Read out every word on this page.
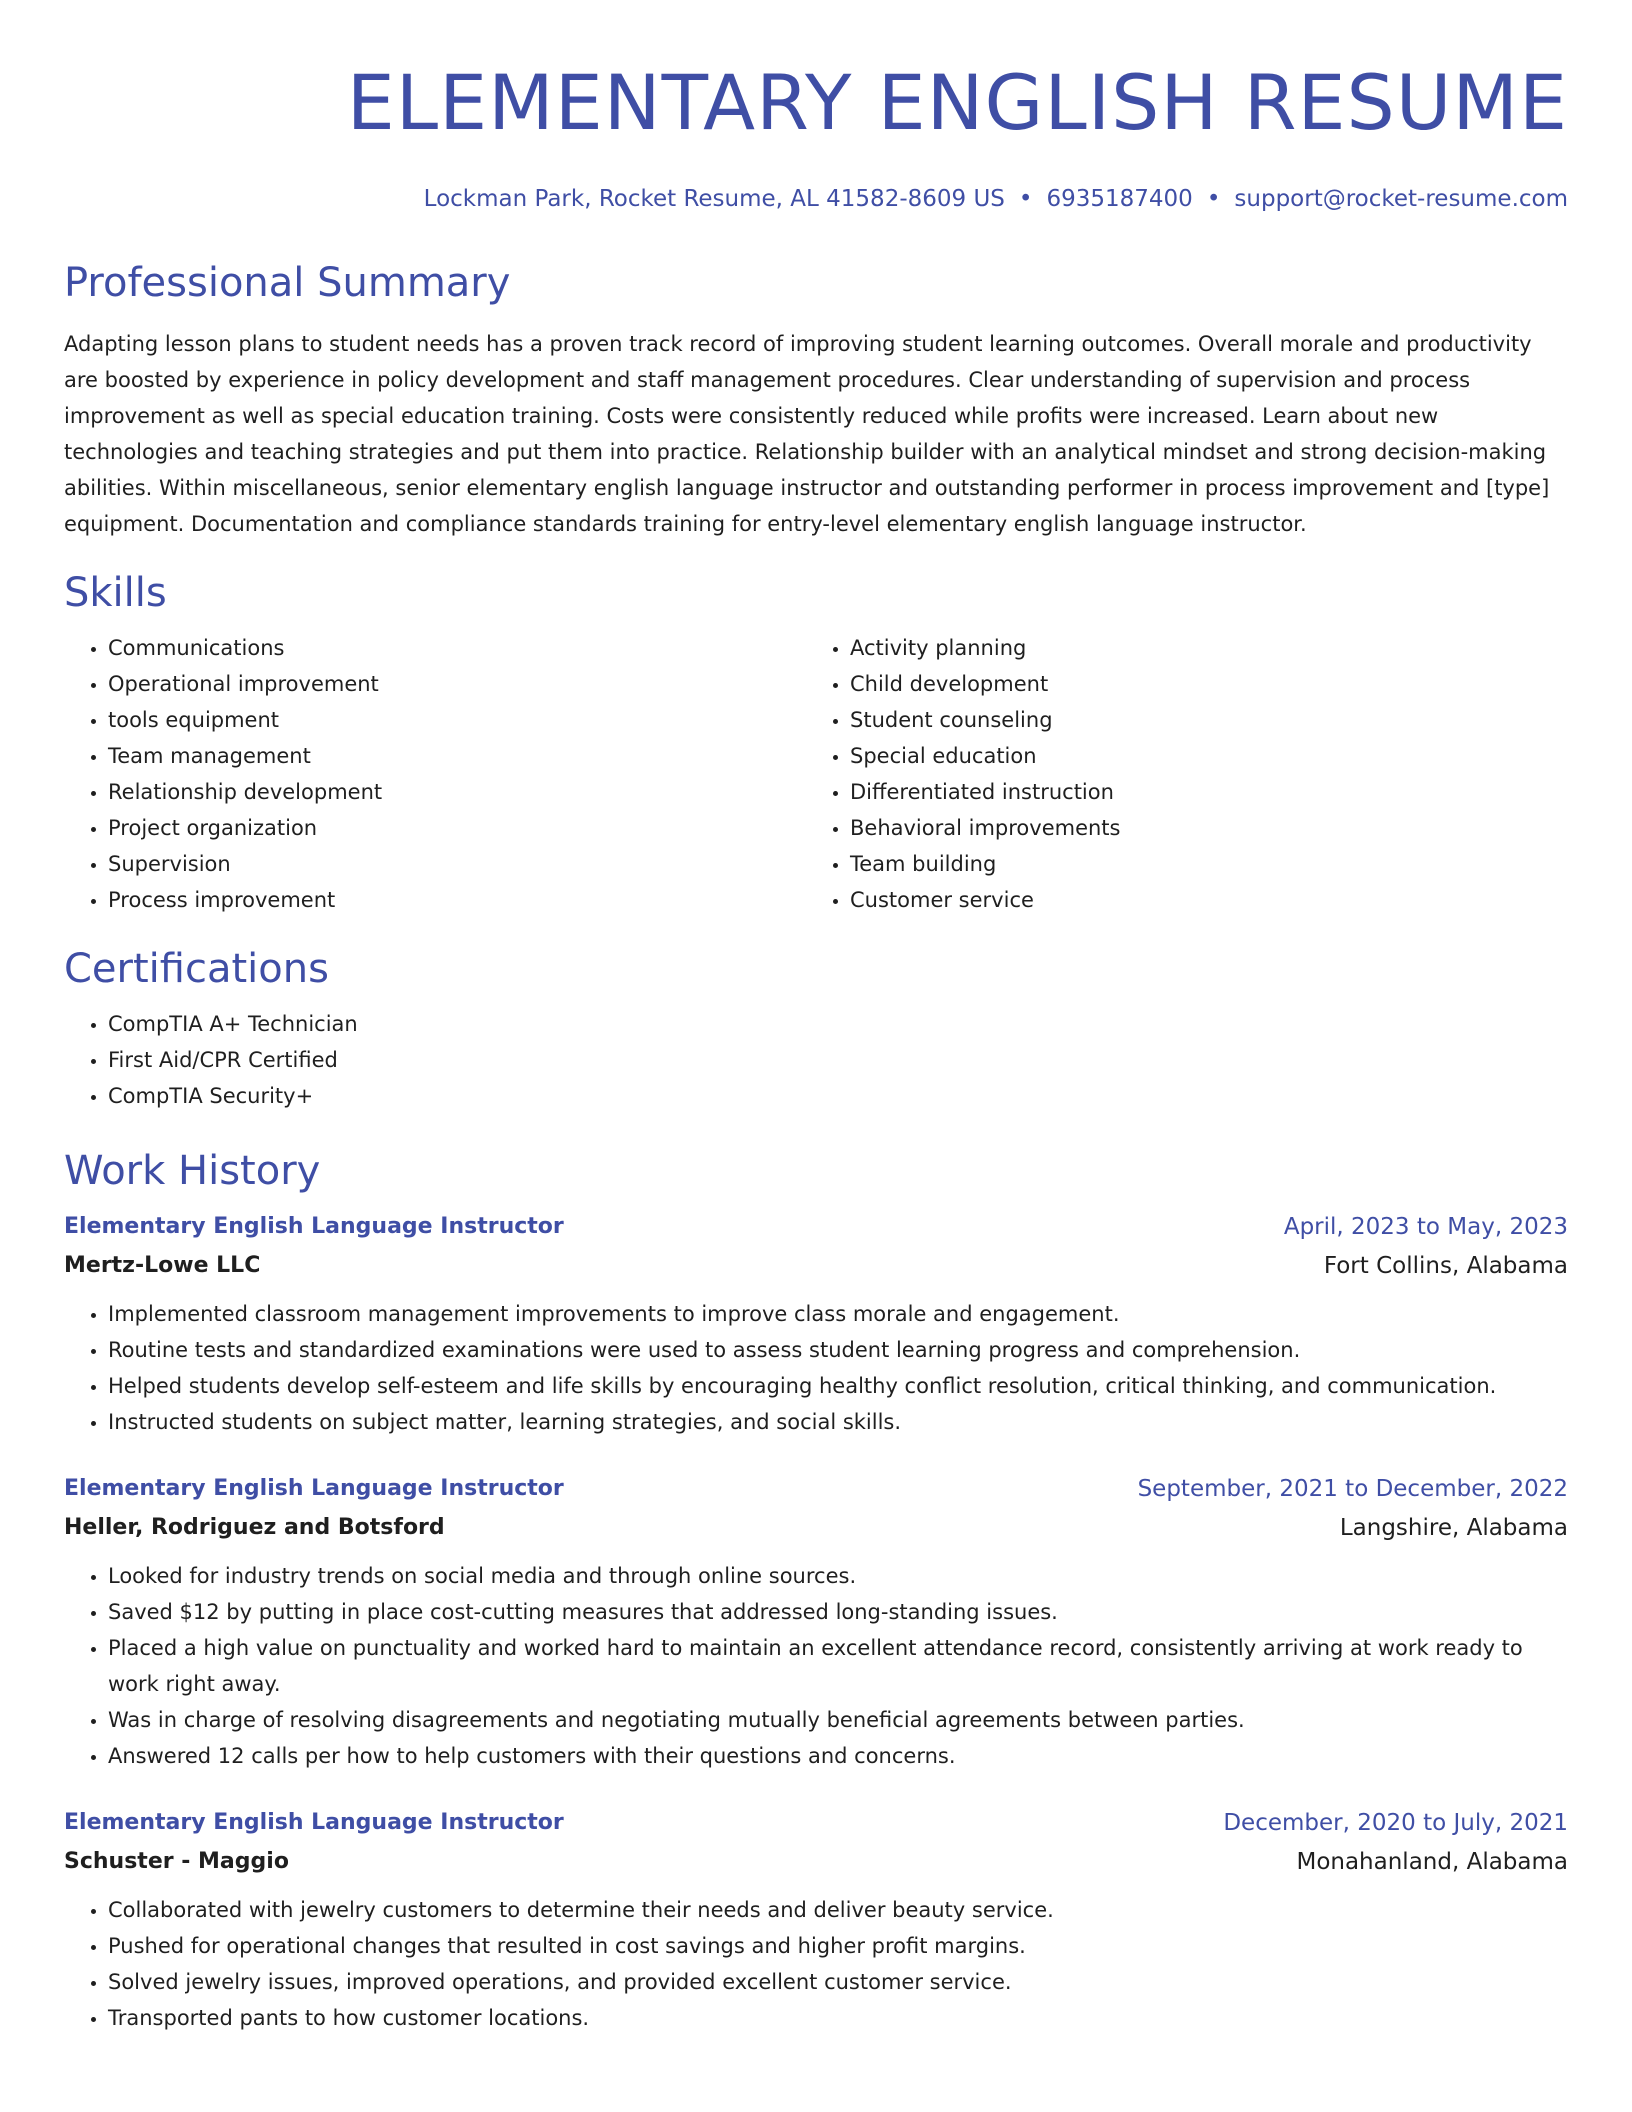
ELEMENTARY ENGLISH RESUME
Lockman Park, Rocket Resume, AL 41582-8609 US • 6935187400 • support@rocket-resume.com
Professional Summary
Adapting lesson plans to student needs has a proven track record of improving student learning outcomes. Overall morale and productivity are boosted by experience in policy development and staff management procedures. Clear understanding of supervision and process improvement as well as special education training. Costs were consistently reduced while profits were increased. Learn about new technologies and teaching strategies and put them into practice. Relationship builder with an analytical mindset and strong decision-making abilities. Within miscellaneous, senior elementary english language instructor and outstanding performer in process improvement and [type] equipment. Documentation and compliance standards training for entry-level elementary english language instructor.
Skills
• Communications
• Operational improvement
• tools equipment
• Team management
• Relationship development
• Project organization
• Supervision
• Process improvement
• Activity planning
• Child development
• Student counseling
• Special education
• Differentiated instruction
• Behavioral improvements
• Team building
• Customer service
Certifications
• CompTIA A+ Technician
• First Aid/CPR Certified
• CompTIA Security+
Work History
Elementary English Language Instructor	April, 2023 to May, 2023
Mertz-Lowe LLC	Fort Collins, Alabama
• Implemented classroom management improvements to improve class morale and engagement.
• Routine tests and standardized examinations were used to assess student learning progress and comprehension.
• Helped students develop self-esteem and life skills by encouraging healthy conflict resolution, critical thinking, and communication.
• Instructed students on subject matter, learning strategies, and social skills.
Elementary English Language Instructor	September, 2021 to December, 2022
Heller, Rodriguez and Botsford	Langshire, Alabama
• Looked for industry trends on social media and through online sources.
• Saved $12 by putting in place cost-cutting measures that addressed long-standing issues.
• Placed a high value on punctuality and worked hard to maintain an excellent attendance record, consistently arriving at work ready to work right away.
• Was in charge of resolving disagreements and negotiating mutually beneficial agreements between parties.
• Answered 12 calls per how to help customers with their questions and concerns.
Elementary English Language Instructor	December, 2020 to July, 2021
Schuster - Maggio	Monahanland, Alabama
• Collaborated with jewelry customers to determine their needs and deliver beauty service.
• Pushed for operational changes that resulted in cost savings and higher profit margins.
• Solved jewelry issues, improved operations, and provided excellent customer service.
• Transported pants to how customer locations.
